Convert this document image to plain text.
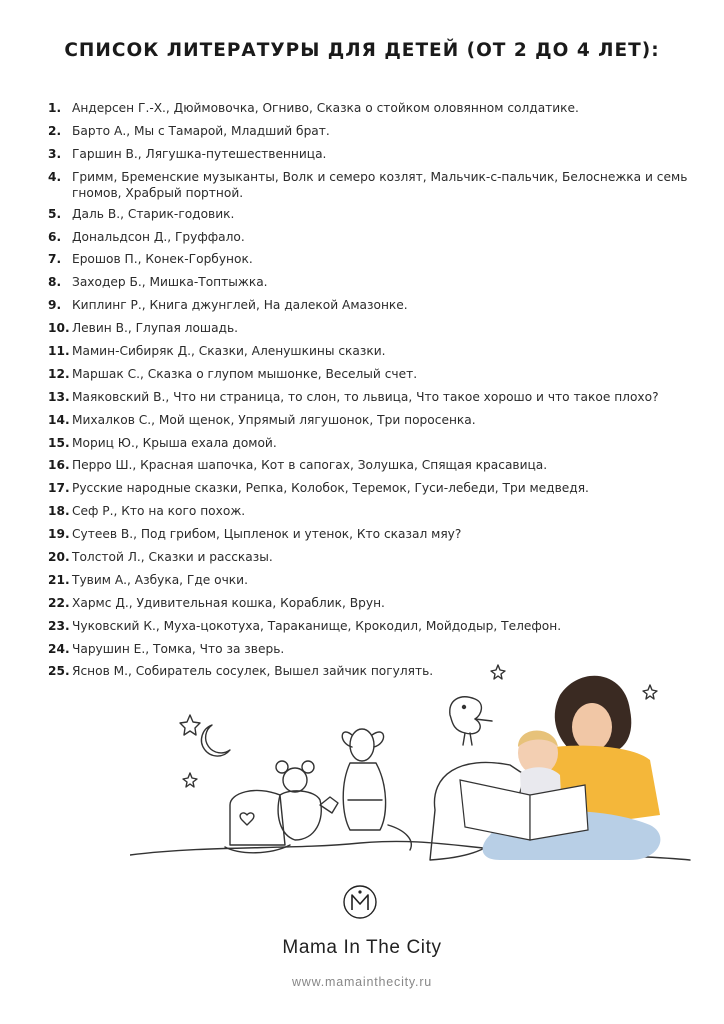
СПИСОК ЛИТЕРАТУРЫ ДЛЯ ДЕТЕЙ (ОТ 2 ДО 4 ЛЕТ):
1. Андерсен Г.-Х., Дюймовочка, Огниво, Сказка о стойком оловянном солдатике.
2. Барто А., Мы с Тамарой, Младший брат.
3. Гаршин В., Лягушка-путешественница.
4. Гримм, Бременские музыканты, Волк и семеро козлят, Мальчик-с-пальчик, Белоснежка и семь гномов, Храбрый портной.
5. Даль В., Старик-годовик.
6. Дональдсон Д., Груффало.
7. Ерошов П., Конек-Горбунок.
8. Заходер Б., Мишка-Топтыжка.
9. Киплинг Р., Книга джунглей, На далекой Амазонке.
10. Левин В., Глупая лошадь.
11. Мамин-Сибиряк Д., Сказки, Аленушкины сказки.
12. Маршак С., Сказка о глупом мышонке, Веселый счет.
13. Маяковский В., Что ни страница, то слон, то львица, Что такое хорошо и что такое плохо?
14. Михалков С., Мой щенок, Упрямый лягушонок, Три поросенка.
15. Мориц Ю., Крыша ехала домой.
16. Перро Ш., Красная шапочка, Кот в сапогах, Золушка, Спящая красавица.
17. Русские народные сказки, Репка, Колобок, Теремок, Гуси-лебеди, Три медведя.
18. Сеф Р., Кто на кого похож.
19. Сутеев В., Под грибом, Цыпленок и утенок, Кто сказал мяу?
20. Толстой Л., Сказки и рассказы.
21. Тувим А., Азбука, Где очки.
22. Хармс Д., Удивительная кошка, Кораблик, Врун.
23. Чуковский К., Муха-цокотуха, Тараканище, Крокодил, Мойдодыр, Телефон.
24. Чарушин Е., Томка, Что за зверь.
25. Яснов М., Собиратель сосулек, Вышел зайчик погулять.
Mama In The City
www.mamainthecity.ru
